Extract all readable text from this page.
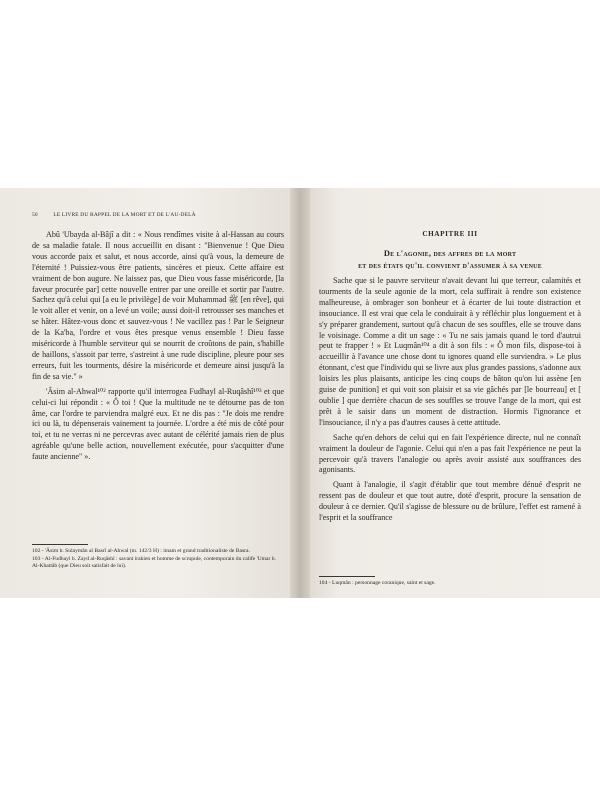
50	LE LIVRE DU RAPPEL DE LA MORT ET DE L'AU-DELÀ

Abû 'Ubayda al-Bâjî a dit : « Nous rendîmes visite à al-Hassan au cours de sa maladie fatale. Il nous accueillit en disant : "Bienvenue ! Que Dieu vous accorde paix et salut, et nous accorde, ainsi qu'à vous, la demeure de l'éternité ! Puissiez-vous être patients, sincères et pieux. Cette affaire est vraiment de bon augure. Ne laissez pas, que Dieu vous fasse miséricorde, [la faveur procurée par] cette nouvelle entrer par une oreille et sortir par l'autre. Sachez qu'à celui qui [a eu le privilège] de voir Muhammad ﷺ [en rêve], qui le voit aller et venir, on a levé un voile; aussi doit-il retrousser ses manches et se hâter. Hâtez-vous donc et sauvez-vous ! Ne vacillez pas ! Par le Seigneur de la Ka'ba, l'ordre et vous êtes presque venus ensemble ! Dieu fasse miséricorde à l'humble serviteur qui se nourrit de croûtons de pain, s'habille de haillons, s'assoit par terre, s'astreint à une rude discipline, pleure pour ses erreurs, fuit les tourments, désire la miséricorde et demeure ainsi jusqu'à la fin de sa vie." »

'Âsim al-Ahwal¹⁰² rapporte qu'il interrogea Fudhayl al-Ruqâshî¹⁰³ et que celui-ci lui répondit : « Ô toi ! Que la multitude ne te détourne pas de ton âme, car l'ordre te parviendra malgré eux. Et ne dis pas : "Je dois me rendre ici ou là, tu dépenserais vainement ta journée. L'ordre a été mis de côté pour toi, et tu ne verras ni ne percevras avec autant de célérité jamais rien de plus agréable qu'une belle action, nouvellement exécutée, pour s'acquitter d'une faute ancienne" ».

102 - 'Âsim b. Sulaymân al Basrî al-Ahwal (m. 142/3 H) : imam et grand traditionaliste de Basra.

103 - Al-Fudhayl b. Zayd al-Ruqâshî : savant irakien et homme de scrupule, contemporain du calife 'Umar b. Al-Khattâb (que Dieu soit satisfait de lui).

CHAPITRE III
De l'agonie, des affres de la mort
et des états qu'il convient d'assumer à sa venue

Sache que si le pauvre serviteur n'avait devant lui que terreur, calamités et tourments de la seule agonie de la mort, cela suffirait à rendre son existence malheureuse, à ombrager son bonheur et à écarter de lui toute distraction et insouciance. Il est vrai que cela le conduirait à y réfléchir plus longuement et à s'y préparer grandement, surtout qu'à chacun de ses souffles, elle se trouve dans le voisinage. Comme a dit un sage : « Tu ne sais jamais quand le tord d'autrui peut te frapper ! » Et Luqmân¹⁰⁴ a dit à son fils : « Ô mon fils, dispose-toi à accueillir à l'avance une chose dont tu ignores quand elle surviendra. » Le plus étonnant, c'est que l'individu qui se livre aux plus grandes passions, s'adonne aux loisirs les plus plaisants, anticipe les cinq coups de bâton qu'on lui assène [en guise de punition] et qui voit son plaisir et sa vie gâchés par [le bourreau] et [ oublie ] que derrière chacun de ses souffles se trouve l'ange de la mort, qui est prêt à le saisir dans un moment de distraction. Hormis l'ignorance et l'insouciance, il n'y a pas d'autres causes à cette attitude.

Sache qu'en dehors de celui qui en fait l'expérience directe, nul ne connaît vraiment la douleur de l'agonie. Celui qui n'en a pas fait l'expérience ne peut la percevoir qu'à travers l'analogie ou après avoir assisté aux souffrances des agonisants.

Quant à l'analogie, il s'agit d'établir que tout membre dénué d'esprit ne ressent pas de douleur et que tout autre, doté d'esprit, procure la sensation de douleur à ce dernier. Qu'il s'agisse de blessure ou de brûlure, l'effet est ramené à l'esprit et la souffrance

104 - Luqmân : personnage coranique, saint et sage.
